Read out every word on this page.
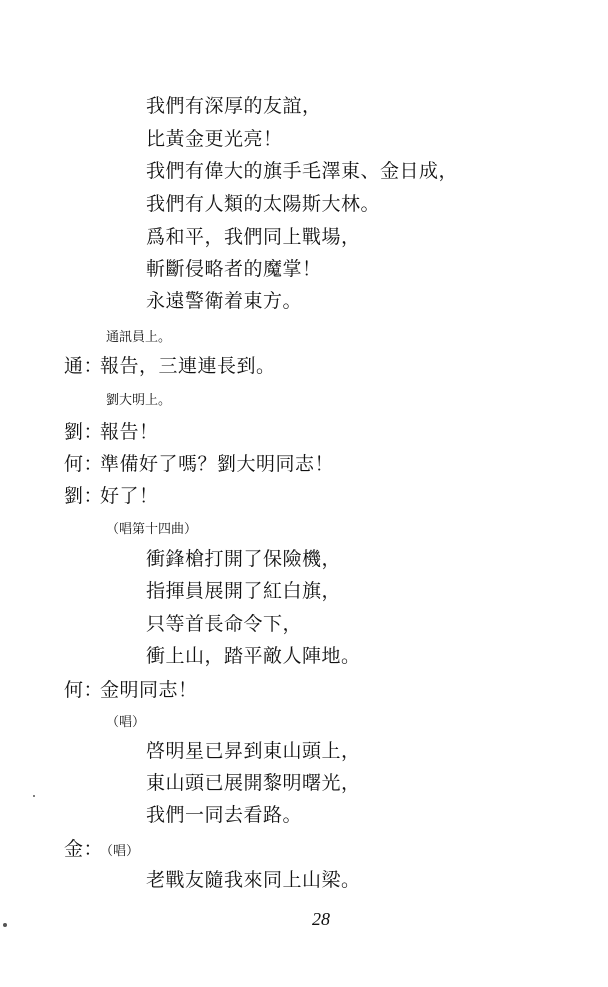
我們有深厚的友誼，
比黃金更光亮！
我們有偉大的旗手毛澤東、金日成，
我們有人類的太陽斯大林。
爲和平，我們同上戰場，
斬斷侵略者的魔掌！
永遠警衛着東方。
通訊員上。
通：報告，三連連長到。
劉大明上。
劉：報告！
何：準備好了嗎？劉大明同志！
劉：好了！
（唱第十四曲）
衝鋒槍打開了保險機，
指揮員展開了紅白旗，
只等首長命令下，
衝上山，踏平敵人陣地。
何：金明同志！
（唱）
啓明星已昇到東山頭上，
東山頭已展開黎明曙光，
我們一同去看路。
金：（唱）
老戰友隨我來同上山梁。
28
